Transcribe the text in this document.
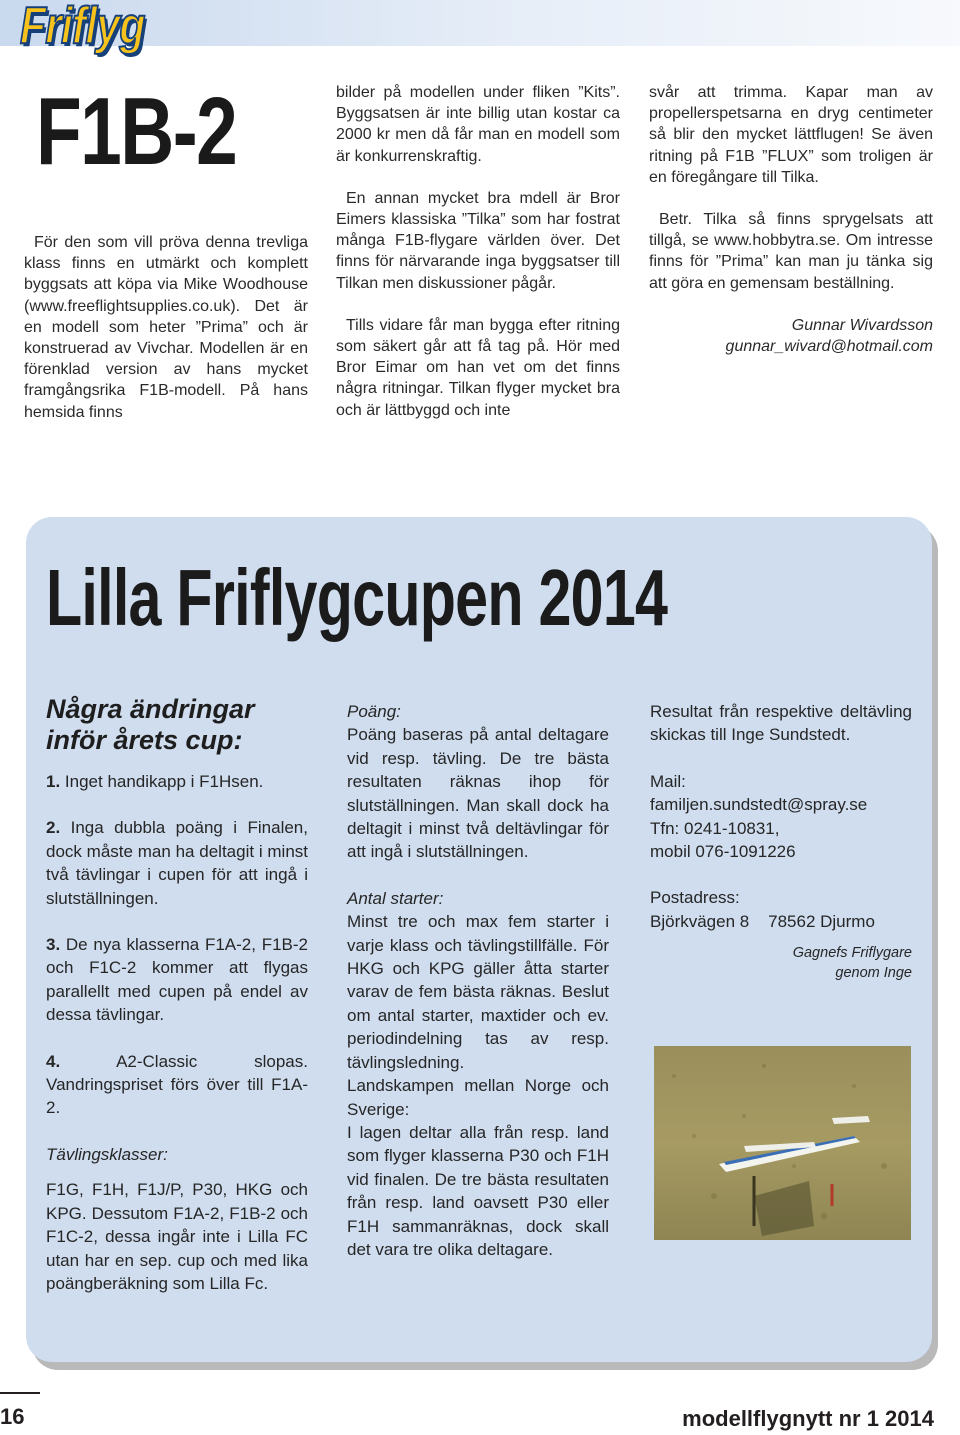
Friflyg
F1B-2

För den som vill pröva denna trevliga klass finns en utmärkt och komplett byggsats att köpa via Mike Woodhouse (www.freeflightsupplies.co.uk). Det är en modell som heter ”Prima” och är konstruerad av Vivchar. Modellen är en förenklad version av hans mycket framgångsrika F1B-modell. På hans hemsida finns

bilder på modellen under fliken ”Kits”. Byggsatsen är inte billig utan kostar ca 2000 kr men då får man en modell som är konkurrenskraftig.

En annan mycket bra mdell är Bror Eimers klassiska ”Tilka” som har fostrat många F1B-flygare världen över. Det finns för närvarande inga byggsatser till Tilkan men diskussioner pågår.

Tills vidare får man bygga efter ritning som säkert går att få tag på. Hör med Bror Eimar om han vet om det finns några ritningar. Tilkan flyger mycket bra och är lättbyggd och inte

svår att trimma. Kapar man av propellerspetsarna en dryg centimeter så blir den mycket lättflugen! Se även ritning på F1B ”FLUX” som troligen är en föregångare till Tilka.

Betr. Tilka så finns sprygelsats att tillgå, se www.hobbytra.se. Om intresse finns för ”Prima” kan man ju tänka sig att göra en gemensam beställning.

Gunnar Wivardsson
gunnar_wivard@hotmail.com
Lilla Friflygcupen 2014
Några ändringar inför årets cup:

1. Inget handikapp i F1Hsen.

2. Inga dubbla poäng i Finalen, dock måste man ha deltagit i minst två tävlingar i cupen för att ingå i slutställningen.

3. De nya klasserna F1A-2, F1B-2 och F1C-2 kommer att flygas parallellt med cupen på endel av dessa tävlingar.

4. A2-Classic slopas. Vandringspriset förs över till F1A-2.

Tävlingsklasser:

F1G, F1H, F1J/P, P30, HKG och KPG. Dessutom F1A-2, F1B-2 och F1C-2, dessa ingår inte i Lilla FC utan har en sep. cup och med lika poängberäkning som Lilla Fc.

Poäng:

Poäng baseras på antal deltagare vid resp. tävling. De tre bästa resultaten räknas ihop för slutställningen. Man skall dock ha deltagit i minst två deltävlingar för att ingå i slutställningen.

Antal starter:

Minst tre och max fem starter i varje klass och tävlingstillfälle. För HKG och KPG gäller åtta starter varav de fem bästa räknas. Beslut om antal starter, maxtider och ev. periodindelning tas av resp. tävlingsledning.

Landskampen mellan Norge och Sverige:

I lagen deltar alla från resp. land som flyger klasserna P30 och F1H vid finalen. De tre bästa resultaten från resp. land oavsett P30 eller F1H sammanräknas, dock skall det vara tre olika deltagare.

Resultat från respektive deltävling skickas till Inge Sundstedt.

Mail:
familjen.sundstedt@spray.se
Tfn: 0241-10831,
mobil 076-1091226
Postadress:
Björkvägen 8    78562 Djurmo
Gagnefs Friflygare
genom Inge
16	modellflygnytt nr 1 2014
